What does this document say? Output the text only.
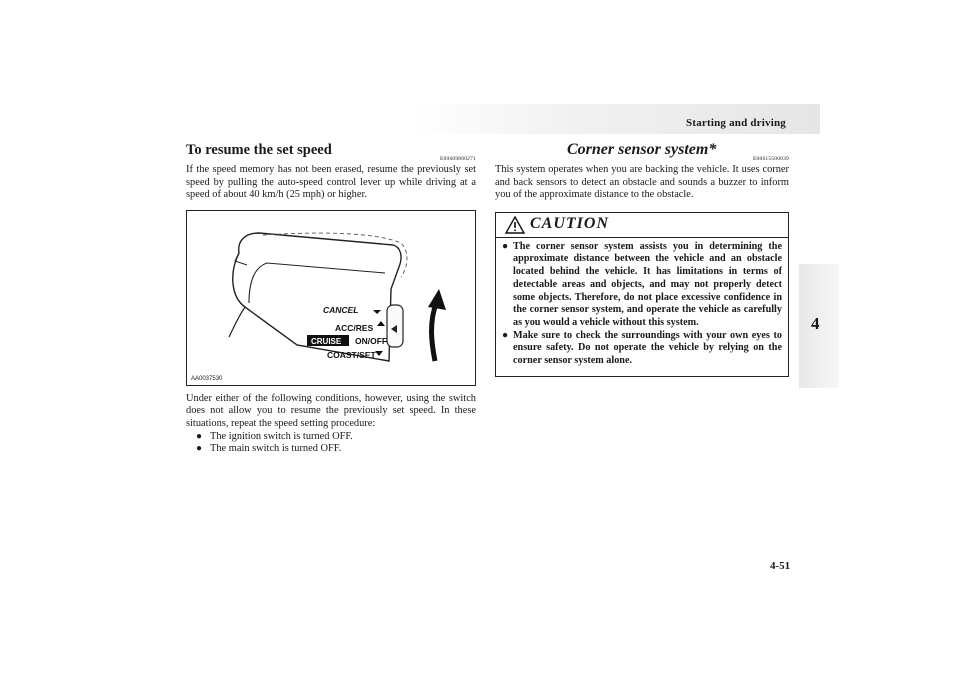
Starting and driving
4
To resume the set speed
E00609800271

If the speed memory has not been erased, resume the previously set speed by pulling the auto-speed control lever up while driving at a speed of about 40 km/h (25 mph) or higher.

CANCEL
ACC/RES
CRUISE ON/OFF
COAST/SET
AA0037530

Under either of the following conditions, however, using the switch does not allow you to resume the previously set speed. In these situations, repeat the speed setting procedure:

● The ignition switch is turned OFF.
● The main switch is turned OFF.
Corner sensor system*
E00615500039

This system operates when you are backing the vehicle. It uses corner and back sensors to detect an obstacle and sounds a buzzer to inform you of the approximate distance to the obstacle.

CAUTION
● The corner sensor system assists you in determining the approximate distance between the vehicle and an obstacle located behind the vehicle. It has limitations in terms of detectable areas and objects, and may not properly detect some objects. Therefore, do not place excessive confidence in the corner sensor system, and operate the vehicle as carefully as you would a vehicle without this system.
● Make sure to check the surroundings with your own eyes to ensure safety. Do not operate the vehicle by relying on the corner sensor system alone.
4-51
